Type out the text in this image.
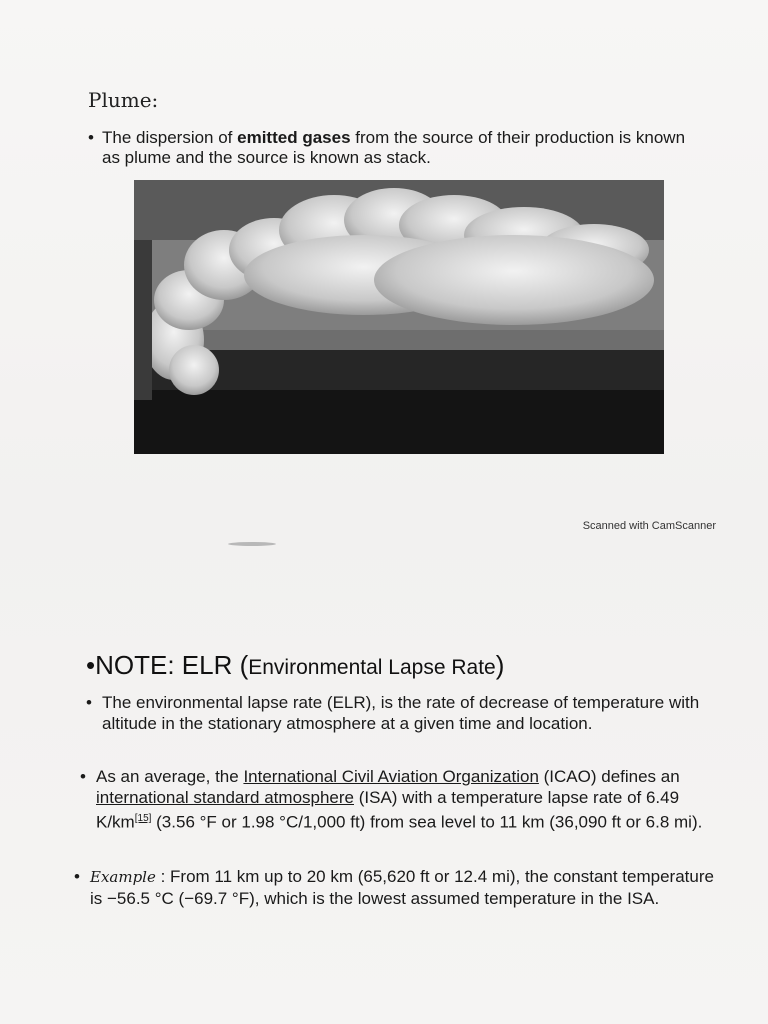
Plume:
• The dispersion of emitted gases from the source of their production is known as plume and the source is known as stack.
Scanned with CamScanner
•NOTE: ELR (Environmental Lapse Rate)
• The environmental lapse rate (ELR), is the rate of decrease of temperature with altitude in the stationary atmosphere at a given time and location.
• As an average, the International Civil Aviation Organization (ICAO) defines an international standard atmosphere (ISA) with a temperature lapse rate of 6.49 K/km[15] (3.56 °F or 1.98 °C/1,000 ft) from sea level to 11 km (36,090 ft or 6.8 mi).
• Example : From 11 km up to 20 km (65,620 ft or 12.4 mi), the constant temperature is −56.5 °C (−69.7 °F), which is the lowest assumed temperature in the ISA.
